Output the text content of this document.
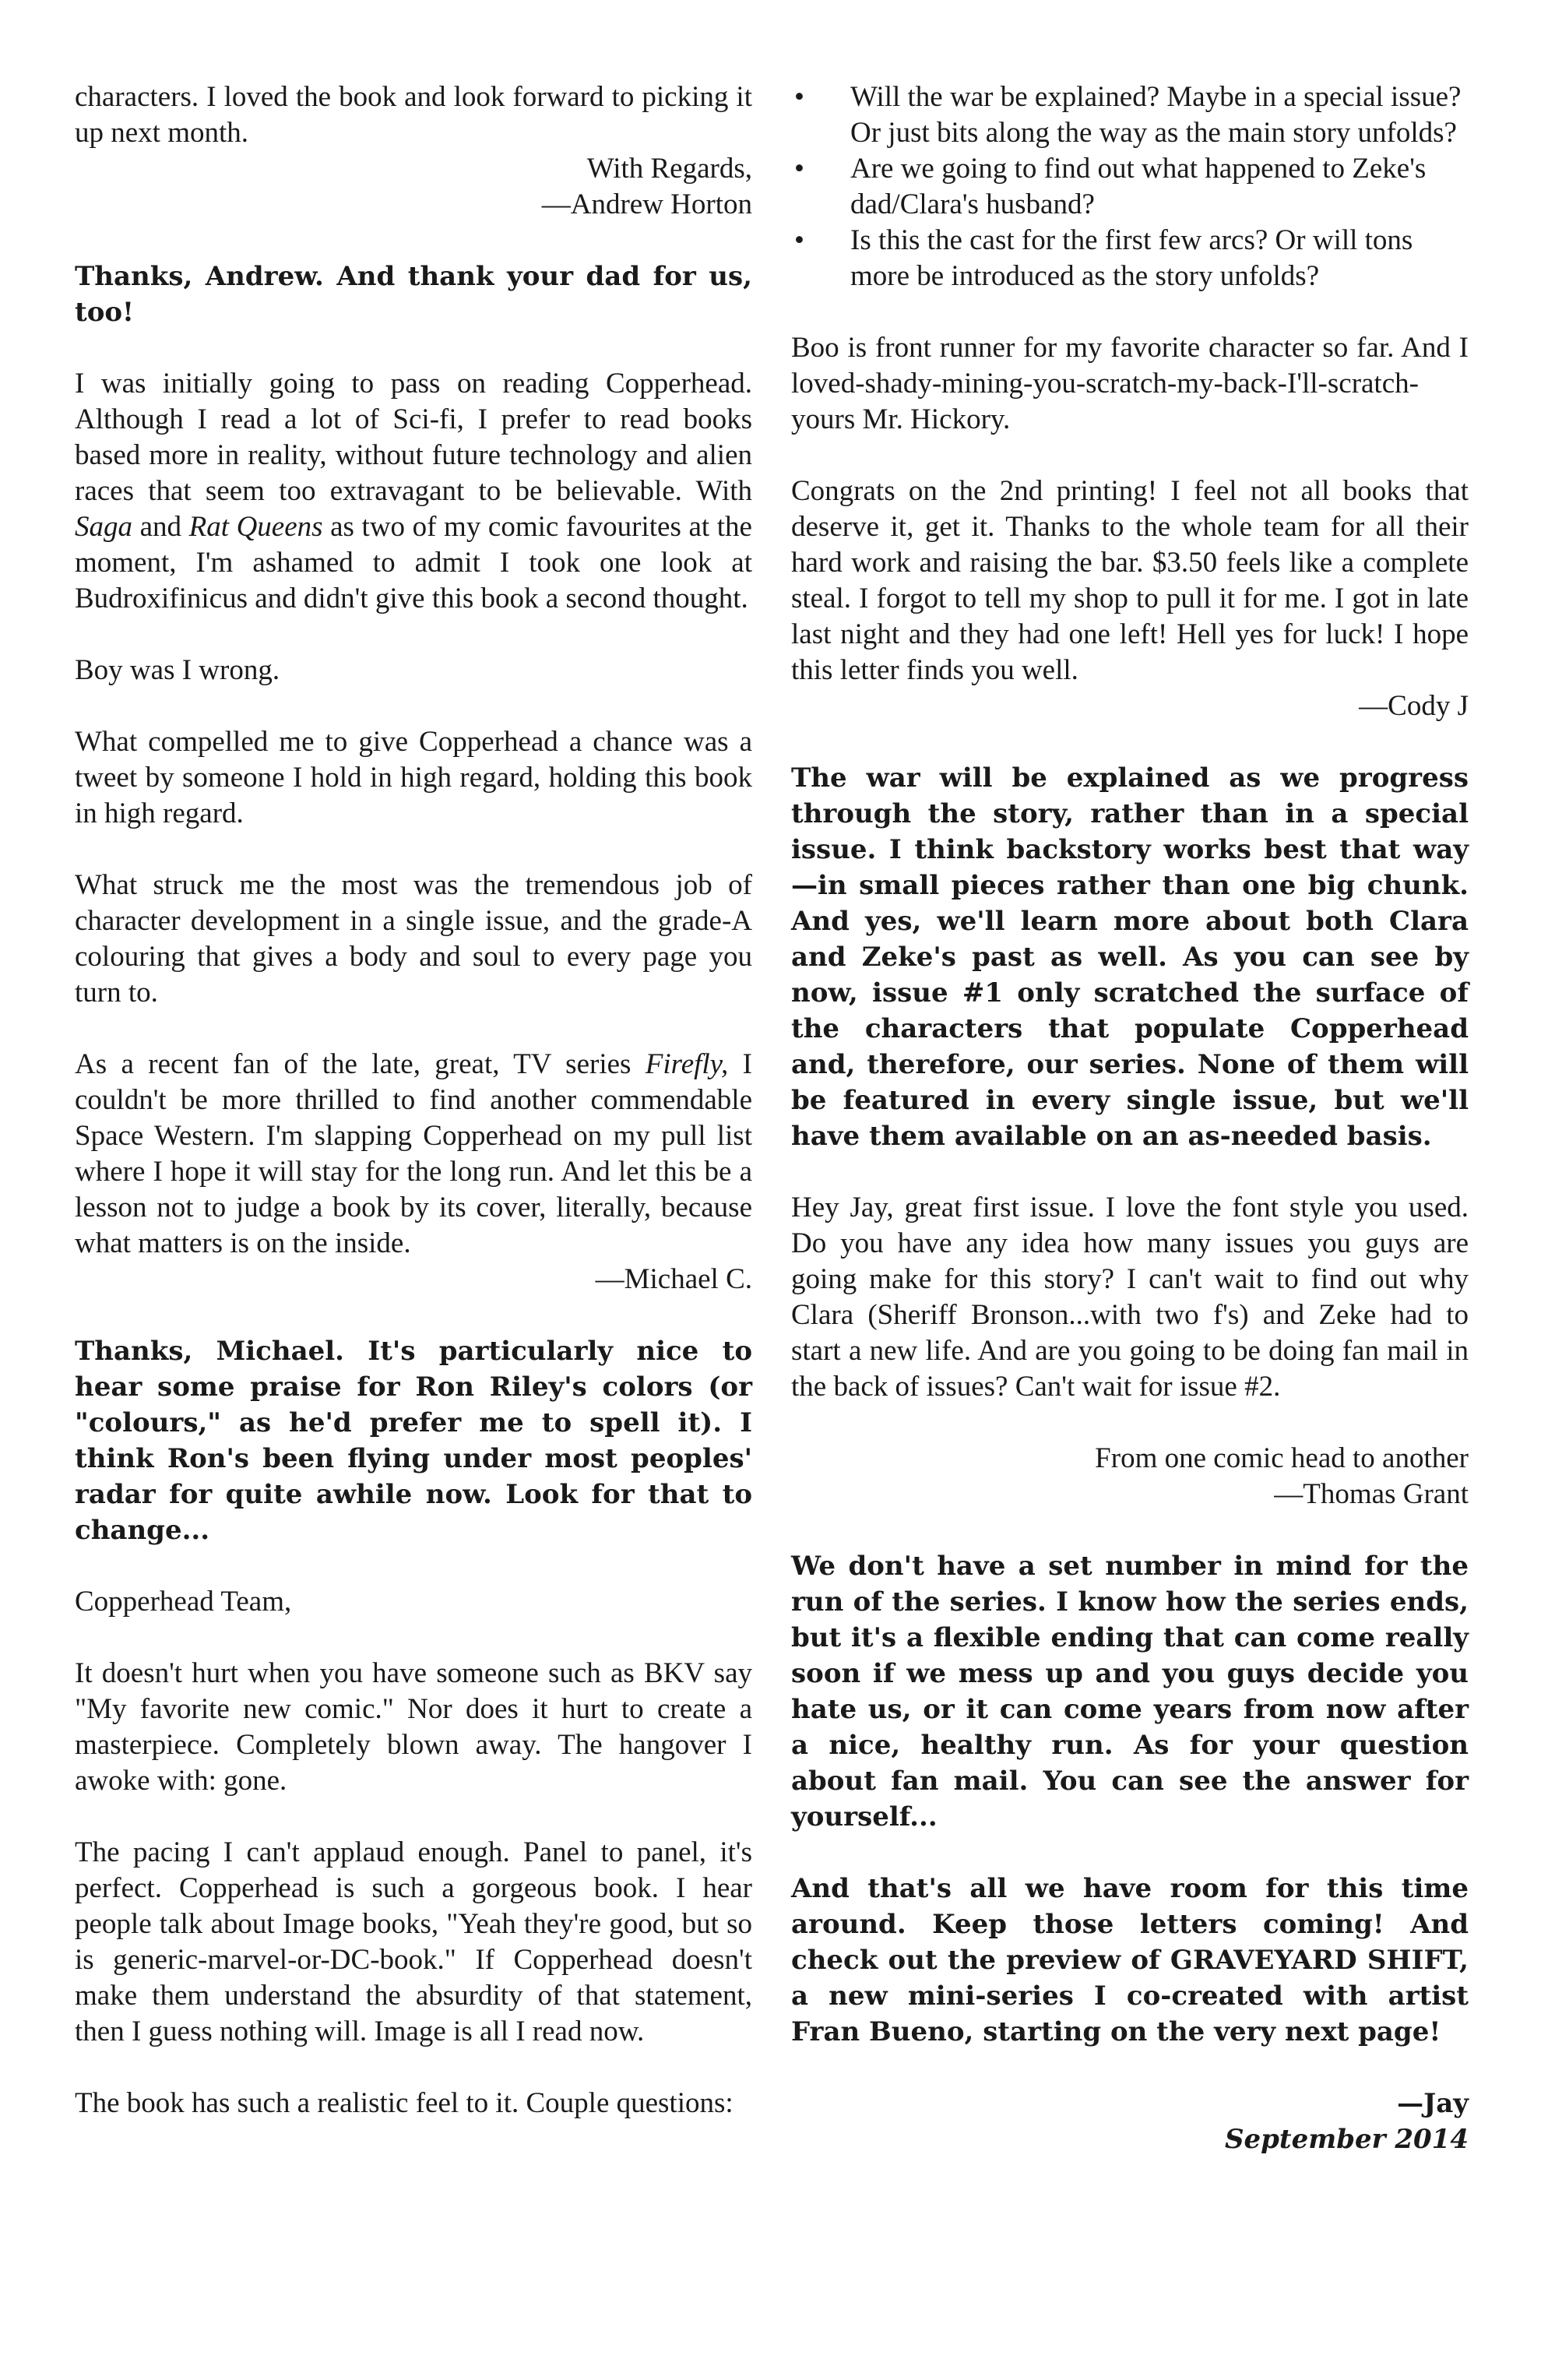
characters. I loved the book and look forward to picking it up next month.

With Regards,

—Andrew Horton

Thanks, Andrew. And thank your dad for us, too!

I was initially going to pass on reading Copperhead. Although I read a lot of Sci-fi, I prefer to read books based more in reality, without future technology and alien races that seem too extravagant to be believable. With Saga and Rat Queens as two of my comic favourites at the moment, I'm ashamed to admit I took one look at Budroxifinicus and didn't give this book a second thought.

Boy was I wrong.

What compelled me to give Copperhead a chance was a tweet by someone I hold in high regard, holding this book in high regard.

What struck me the most was the tremendous job of character development in a single issue, and the grade-A colouring that gives a body and soul to every page you turn to.

As a recent fan of the late, great, TV series Firefly, I couldn't be more thrilled to find another commendable Space Western. I'm slapping Copperhead on my pull list where I hope it will stay for the long run. And let this be a lesson not to judge a book by its cover, literally, because what matters is on the inside.

—Michael C.

Thanks, Michael. It's particularly nice to hear some praise for Ron Riley's colors (or "colours," as he'd prefer me to spell it). I think Ron's been flying under most peoples' radar for quite awhile now. Look for that to change...

Copperhead Team,

It doesn't hurt when you have someone such as BKV say "My favorite new comic." Nor does it hurt to create a masterpiece. Completely blown away. The hangover I awoke with: gone.

The pacing I can't applaud enough. Panel to panel, it's perfect. Copperhead is such a gorgeous book. I hear people talk about Image books, "Yeah they're good, but so is generic-marvel-or-DC-book." If Copperhead doesn't make them understand the absurdity of that statement, then I guess nothing will. Image is all I read now.

The book has such a realistic feel to it. Couple questions:

• Will the war be explained? Maybe in a special issue? Or just bits along the way as the main story unfolds?
• Are we going to find out what happened to Zeke's dad/Clara's husband?
• Is this the cast for the first few arcs? Or will tons more be introduced as the story unfolds?

Boo is front runner for my favorite character so far. And I loved-shady-mining-you-scratch-my-back-I'll-scratch-yours Mr. Hickory.

Congrats on the 2nd printing! I feel not all books that deserve it, get it. Thanks to the whole team for all their hard work and raising the bar. $3.50 feels like a complete steal. I forgot to tell my shop to pull it for me. I got in late last night and they had one left! Hell yes for luck! I hope this letter finds you well.

—Cody J

The war will be explained as we progress through the story, rather than in a special issue. I think backstory works best that way —in small pieces rather than one big chunk. And yes, we'll learn more about both Clara and Zeke's past as well. As you can see by now, issue #1 only scratched the surface of the characters that populate Copperhead and, therefore, our series. None of them will be featured in every single issue, but we'll have them available on an as-needed basis.

Hey Jay, great first issue. I love the font style you used. Do you have any idea how many issues you guys are going make for this story? I can't wait to find out why Clara (Sheriff Bronson...with two f's) and Zeke had to start a new life. And are you going to be doing fan mail in the back of issues? Can't wait for issue #2.

From one comic head to another

—Thomas Grant

We don't have a set number in mind for the run of the series. I know how the series ends, but it's a flexible ending that can come really soon if we mess up and you guys decide you hate us, or it can come years from now after a nice, healthy run. As for your question about fan mail. You can see the answer for yourself...

And that's all we have room for this time around. Keep those letters coming! And check out the preview of GRAVEYARD SHIFT, a new mini-series I co-created with artist Fran Bueno, starting on the very next page!

—Jay

September 2014
